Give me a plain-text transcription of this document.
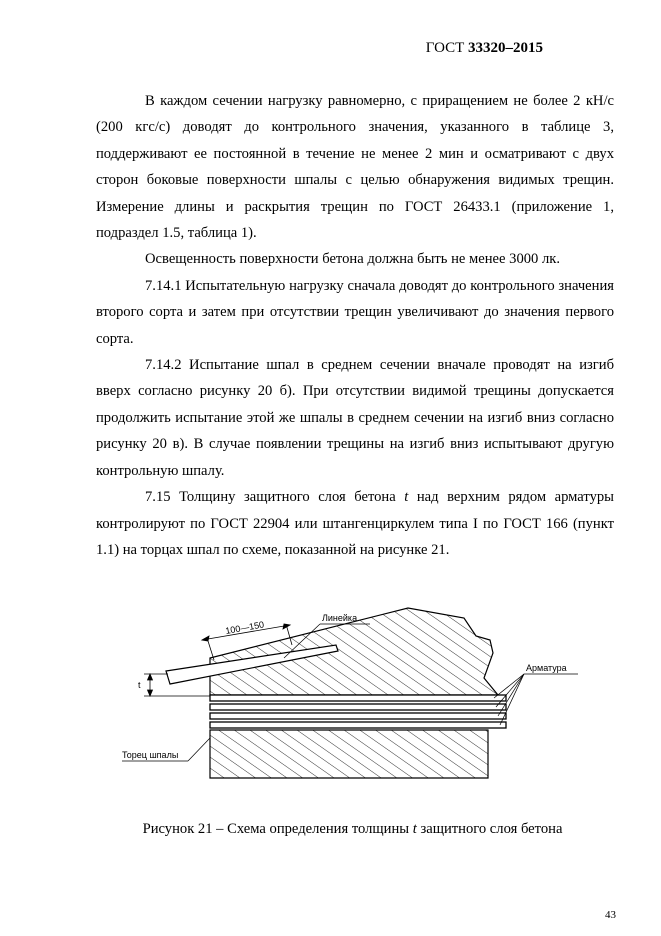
ГОСТ 33320–2015

В каждом сечении нагрузку равномерно, с приращением не более 2 кН/с (200 кгс/с) доводят до контрольного значения, указанного в таблице 3, поддерживают ее постоянной в течение не менее 2 мин и осматривают с двух сторон боковые поверхности шпалы с целью обнаружения видимых трещин. Измерение длины и раскрытия трещин по ГОСТ 26433.1 (приложение 1, подраздел 1.5, таблица 1).

Освещенность поверхности бетона должна быть не менее 3000 лк.

7.14.1 Испытательную нагрузку сначала доводят до контрольного значения второго сорта и затем при отсутствии трещин увеличивают до значения первого сорта.

7.14.2 Испытание шпал в среднем сечении вначале проводят на изгиб вверх согласно рисунку 20 б). При отсутствии видимой трещины допускается продолжить испытание этой же шпалы в среднем сечении на изгиб вниз согласно рисунку 20 в). В случае появлении трещины на изгиб вниз испытывают другую контрольную шпалу.

7.15 Толщину защитного слоя бетона t над верхним рядом арматуры контролируют по ГОСТ 22904 или штангенциркулем типа I по ГОСТ 166 (пункт 1.1) на торцах шпал по схеме, показанной на рисунке 21.

100—150
t
Линейка
Арматура
Торец шпалы
Рисунок 21 – Схема определения толщины t защитного слоя бетона
43
